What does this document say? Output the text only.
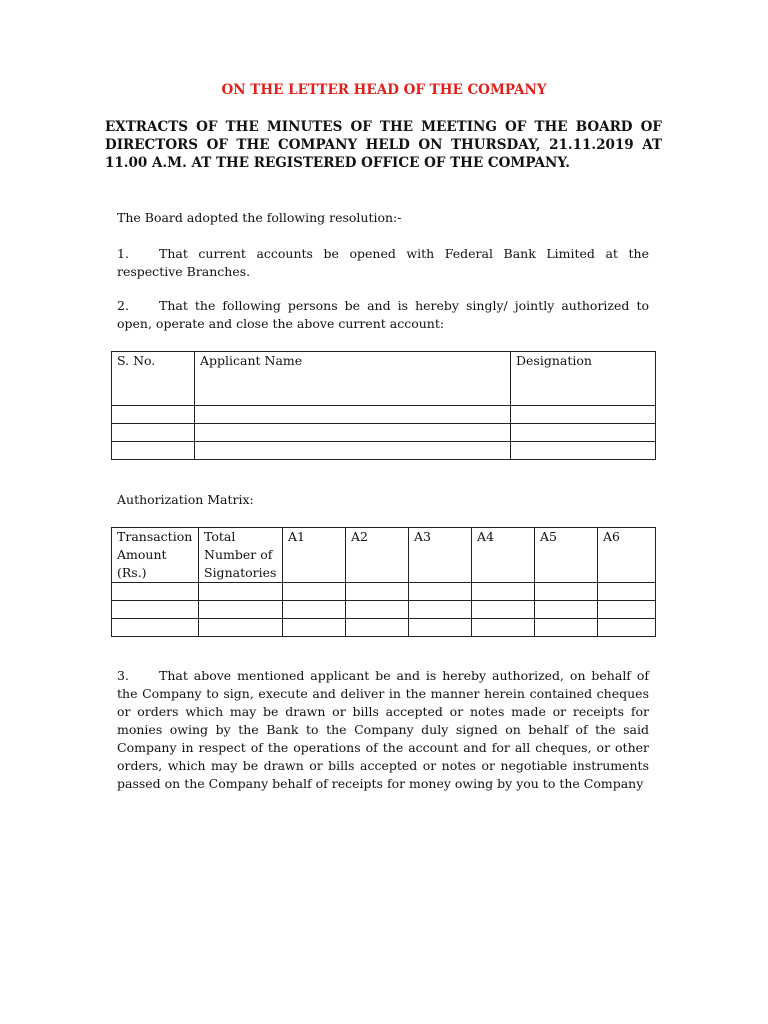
ON THE LETTER HEAD OF THE COMPANY
EXTRACTS OF THE MINUTES OF THE MEETING OF THE BOARD OF DIRECTORS OF THE COMPANY HELD ON THURSDAY, 21.11.2019 AT 11.00 A.M. AT THE REGISTERED OFFICE OF THE COMPANY.
The Board adopted the following resolution:-
1. That current accounts be opened with Federal Bank Limited at the respective Branches.
2. That the following persons be and is hereby singly/ jointly authorized to open, operate and close the above current account:
S. No.	Applicant Name	Designation

Authorization Matrix:
Transaction Amount (Rs.)	Total Number of Signatories	A1	A2	A3	A4	A5	A6

3. That above mentioned applicant be and is hereby authorized, on behalf of the Company to sign, execute and deliver in the manner herein contained cheques or orders which may be drawn or bills accepted or notes made or receipts for monies owing by the Bank to the Company duly signed on behalf of the said Company in respect of the operations of the account and for all cheques, or other orders, which may be drawn or bills accepted or notes or negotiable instruments passed on the Company behalf of receipts for money owing by you to the Company
